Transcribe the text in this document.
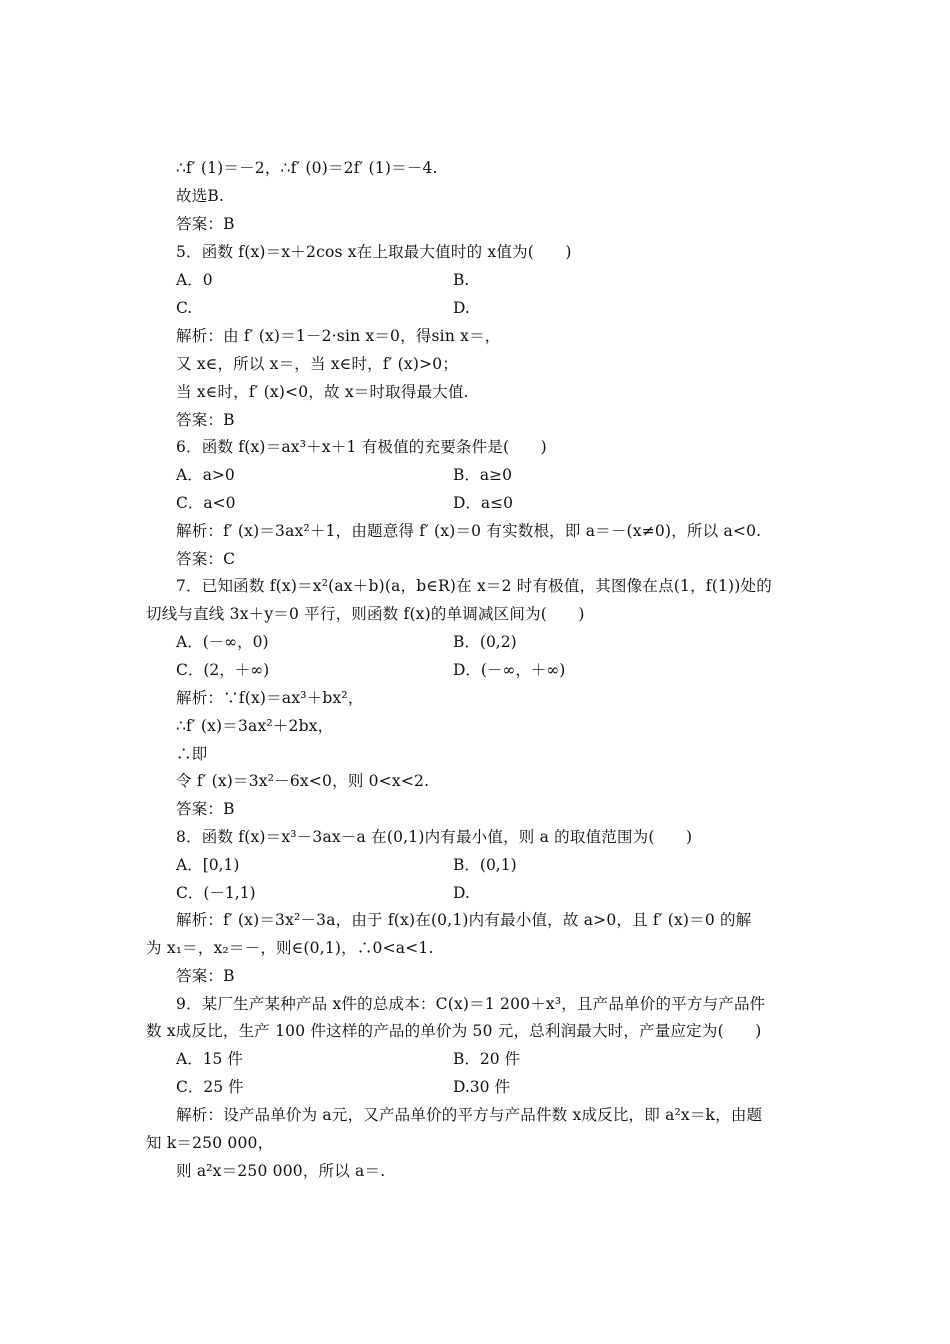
∴f′ (1)＝－2，∴f′ (0)＝2f′ (1)＝－4.
故选B.
答案：B
5．函数 f(x)＝x＋2cos x在上取最大值时的 x值为(　　)
A．0	B.
C.	D.
解析：由 f′ (x)＝1－2·sin x＝0，得sin x＝，
又 x∈，所以 x＝，当 x∈时，f′ (x)>0；
当 x∈时，f′ (x)<0，故 x＝时取得最大值.
答案：B
6．函数 f(x)＝ax³＋x＋1 有极值的充要条件是(　　)
A．a>0	B．a≥0
C．a<0	D．a≤0
解析：f′ (x)＝3ax²＋1，由题意得 f′ (x)＝0 有实数根，即 a＝－(x≠0)，所以 a<0.
答案：C
7．已知函数 f(x)＝x²(ax＋b)(a，b∈R)在 x＝2 时有极值，其图像在点(1，f(1))处的
切线与直线 3x＋y＝0 平行，则函数 f(x)的单调减区间为(　　)
A．(－∞，0)	B．(0,2)
C．(2，＋∞)	D．(－∞，＋∞)
解析：∵f(x)＝ax³＋bx²，
∴f′ (x)＝3ax²＋2bx，
∴即
令 f′ (x)＝3x²－6x<0，则 0<x<2.
答案：B
8．函数 f(x)＝x³－3ax－a 在(0,1)内有最小值，则 a 的取值范围为(　　)
A．[0,1)	B．(0,1)
C．(－1,1)	D.
解析：f′ (x)＝3x²－3a，由于 f(x)在(0,1)内有最小值，故 a>0，且 f′ (x)＝0 的解
为 x₁＝，x₂＝－，则∈(0,1)，∴0<a<1.
答案：B
9．某厂生产某种产品 x件的总成本：C(x)＝1 200＋x³，且产品单价的平方与产品件
数 x成反比，生产 100 件这样的产品的单价为 50 元，总利润最大时，产量应定为(　　)
A．15 件	B．20 件
C．25 件	D.30 件
解析：设产品单价为 a元，又产品单价的平方与产品件数 x成反比，即 a²x＝k，由题
知 k＝250 000，
则 a²x＝250 000，所以 a＝.
